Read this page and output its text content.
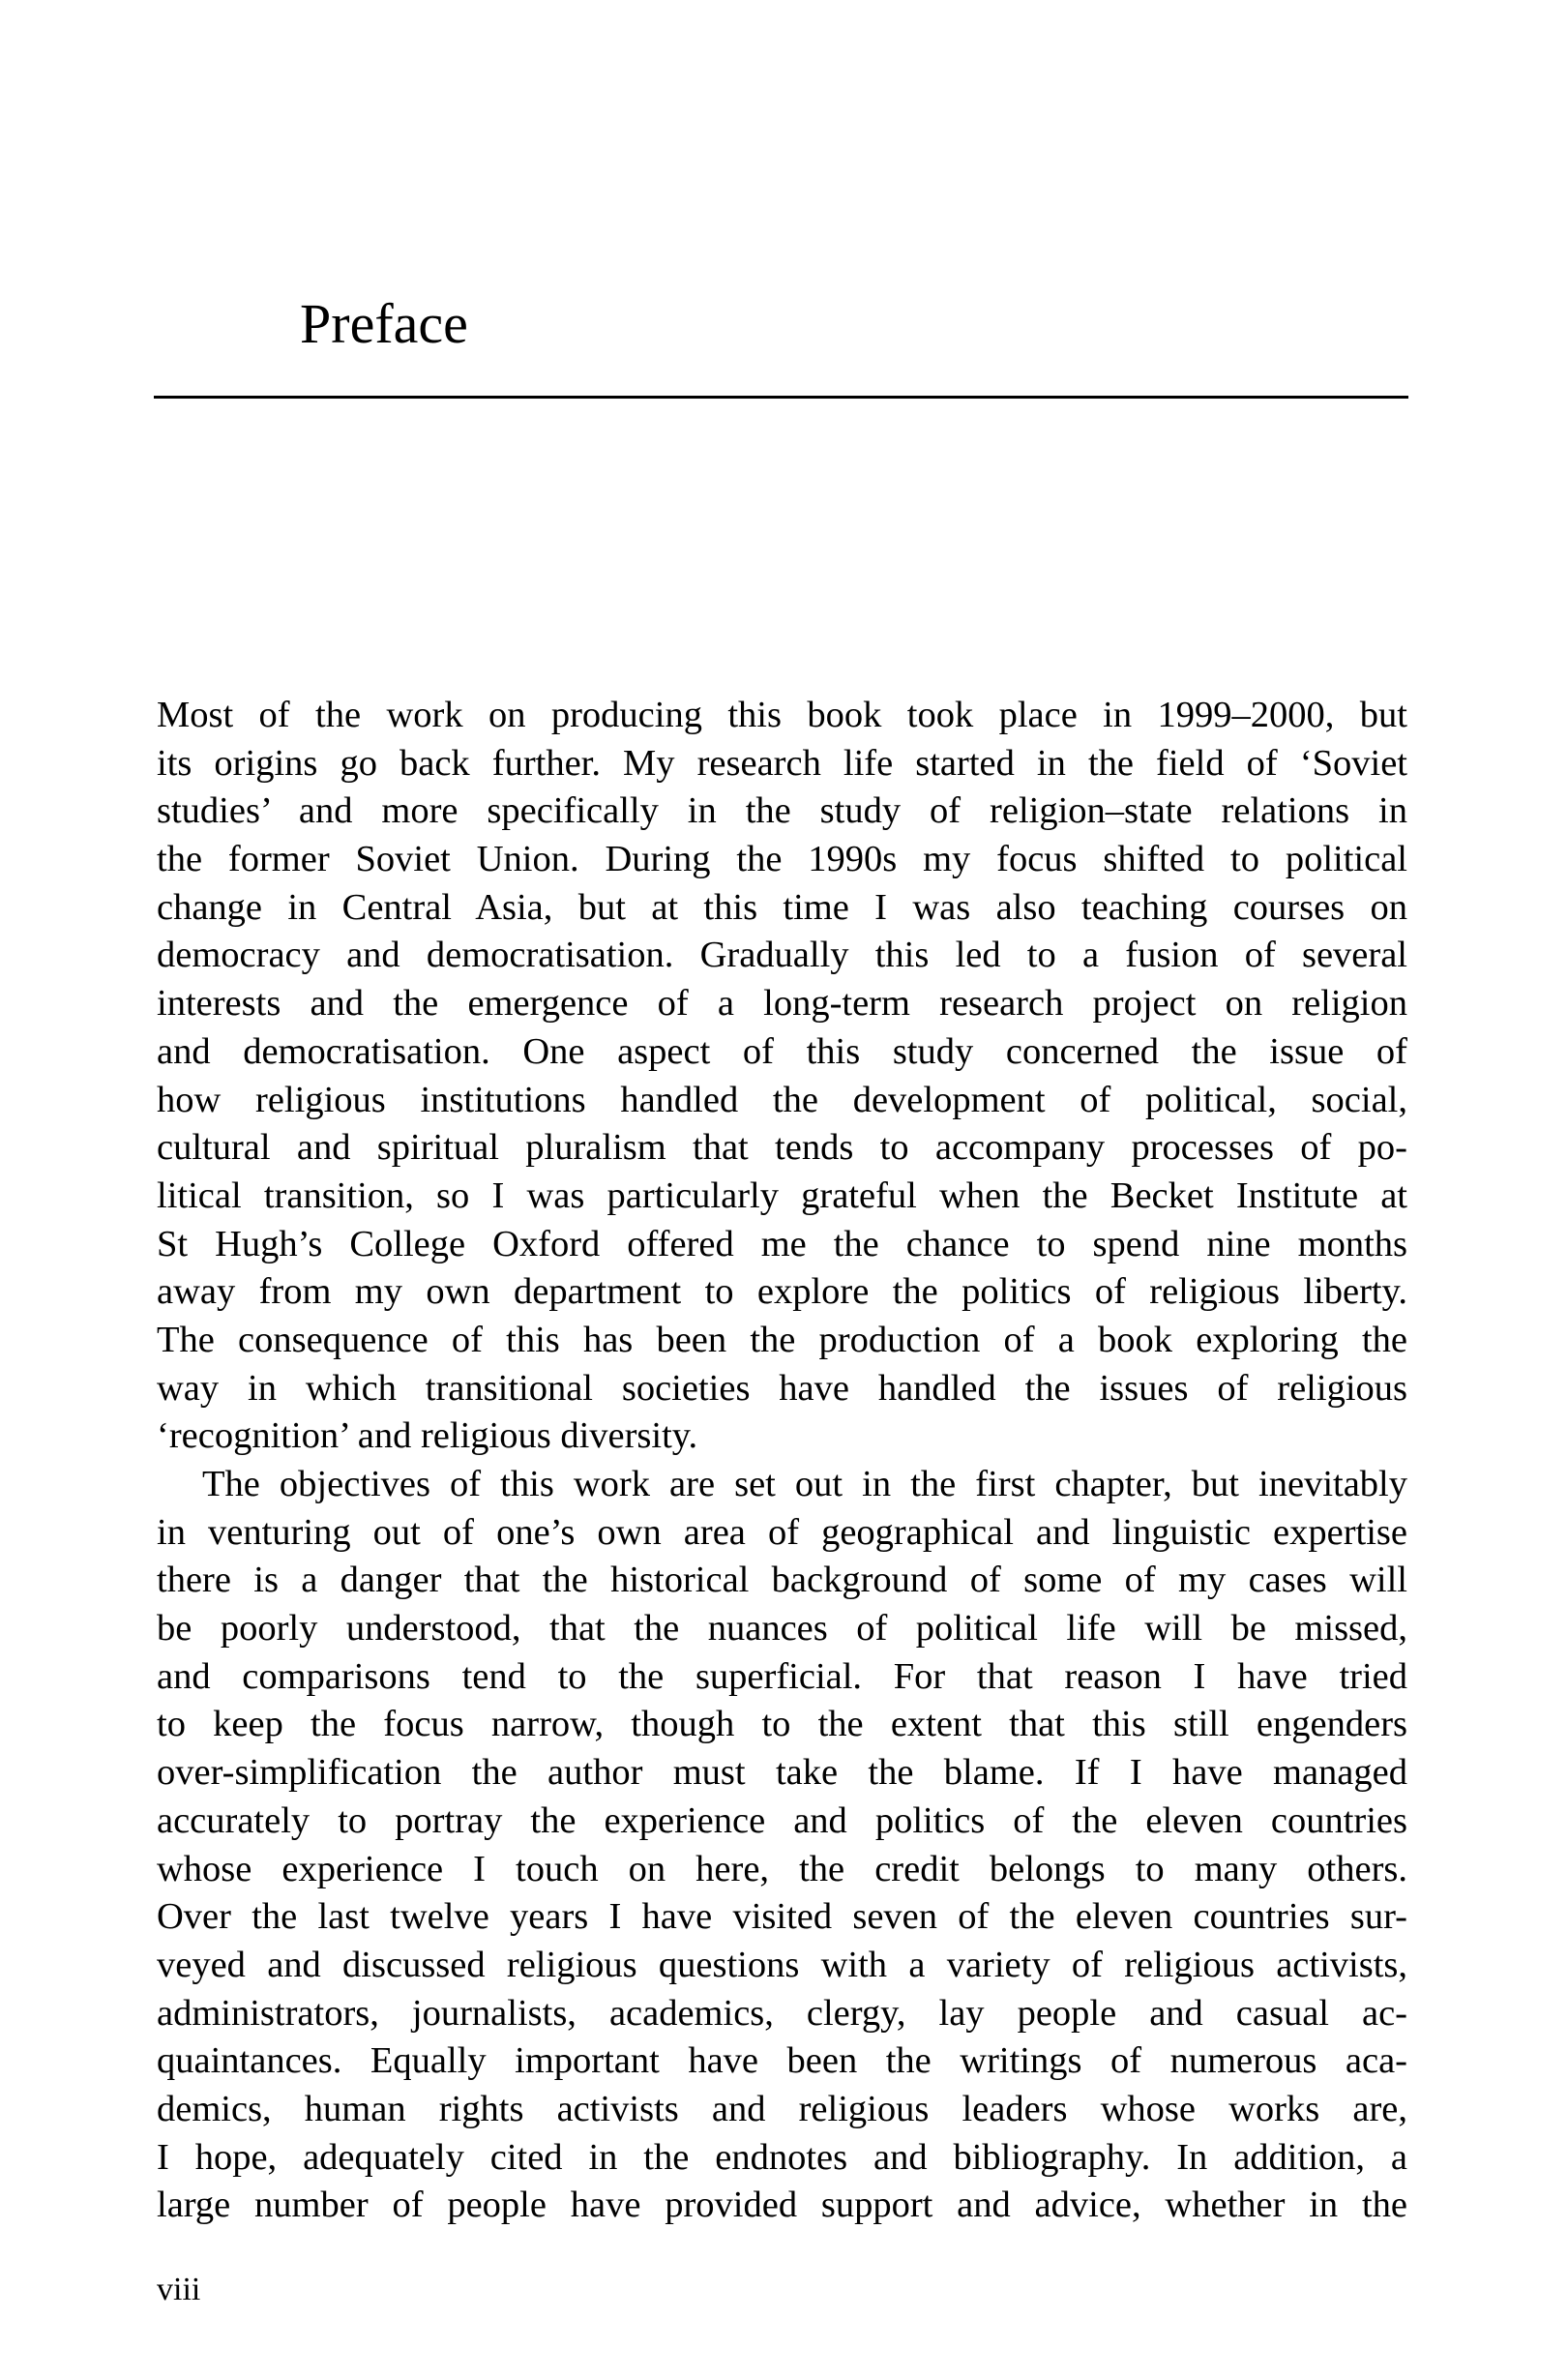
Preface
Most of the work on producing this book took place in 1999–2000, but
its origins go back further. My research life started in the field of ‘Soviet
studies’ and more specifically in the study of religion–state relations in
the former Soviet Union. During the 1990s my focus shifted to political
change in Central Asia, but at this time I was also teaching courses on
democracy and democratisation. Gradually this led to a fusion of several
interests and the emergence of a long-term research project on religion
and democratisation. One aspect of this study concerned the issue of
how religious institutions handled the development of political, social,
cultural and spiritual pluralism that tends to accompany processes of po-
litical transition, so I was particularly grateful when the Becket Institute at
St Hugh’s College Oxford offered me the chance to spend nine months
away from my own department to explore the politics of religious liberty.
The consequence of this has been the production of a book exploring the
way in which transitional societies have handled the issues of religious
‘recognition’ and religious diversity.
The objectives of this work are set out in the first chapter, but inevitably
in venturing out of one’s own area of geographical and linguistic expertise
there is a danger that the historical background of some of my cases will
be poorly understood, that the nuances of political life will be missed,
and comparisons tend to the superficial. For that reason I have tried
to keep the focus narrow, though to the extent that this still engenders
over-simplification the author must take the blame. If I have managed
accurately to portray the experience and politics of the eleven countries
whose experience I touch on here, the credit belongs to many others.
Over the last twelve years I have visited seven of the eleven countries sur-
veyed and discussed religious questions with a variety of religious activists,
administrators, journalists, academics, clergy, lay people and casual ac-
quaintances. Equally important have been the writings of numerous aca-
demics, human rights activists and religious leaders whose works are,
I hope, adequately cited in the endnotes and bibliography. In addition, a
large number of people have provided support and advice, whether in the
viii
